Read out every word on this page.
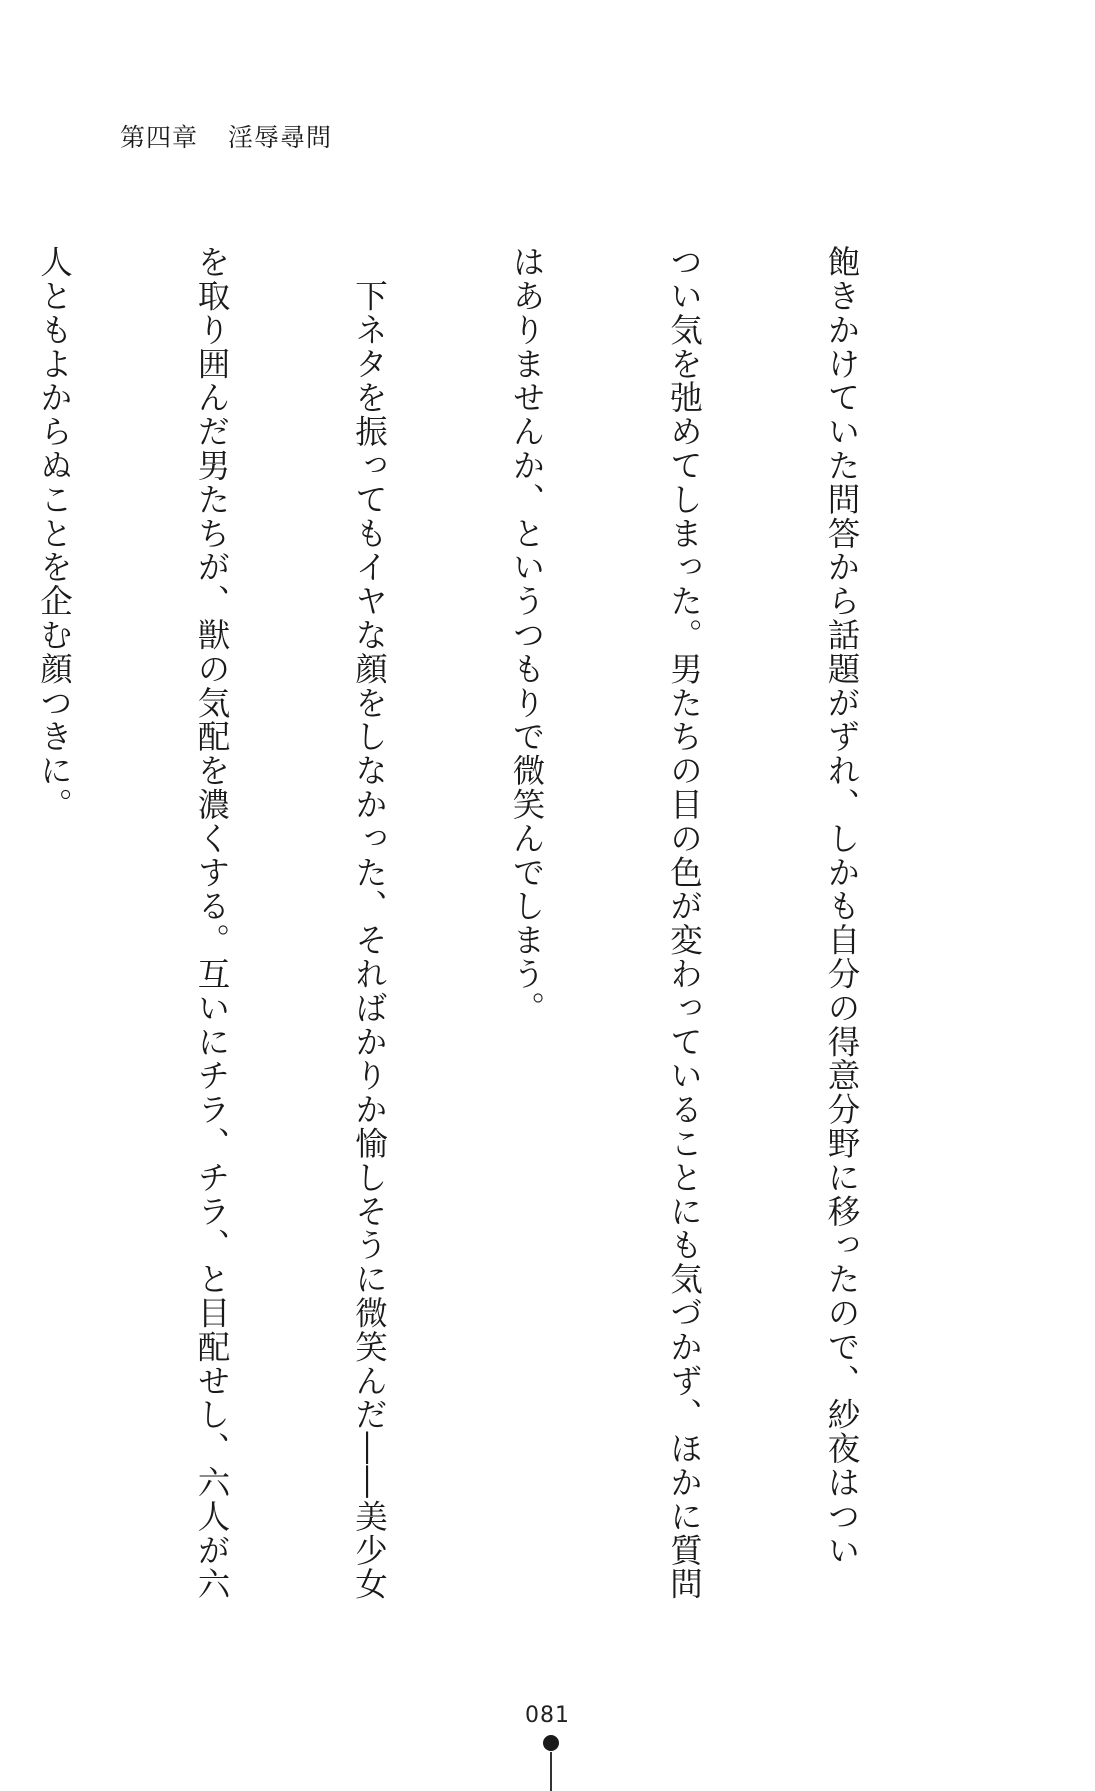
第四章 淫辱尋問

飽きかけていた問答から話題がずれ、しかも自分の得意分野に移ったので、紗夜はつい

つい気を弛めてしまった。男たちの目の色が変わっていることにも気づかず、ほかに質問

はありませんか、というつもりで微笑んでしまう。

　下ネタを振ってもイヤな顔をしなかった、そればかりか愉しそうに微笑んだ――美少女

を取り囲んだ男たちが、獣の気配を濃くする。互いにチラ、チラ、と目配せし、六人が六

人ともよからぬことを企む顔つきに。

081
